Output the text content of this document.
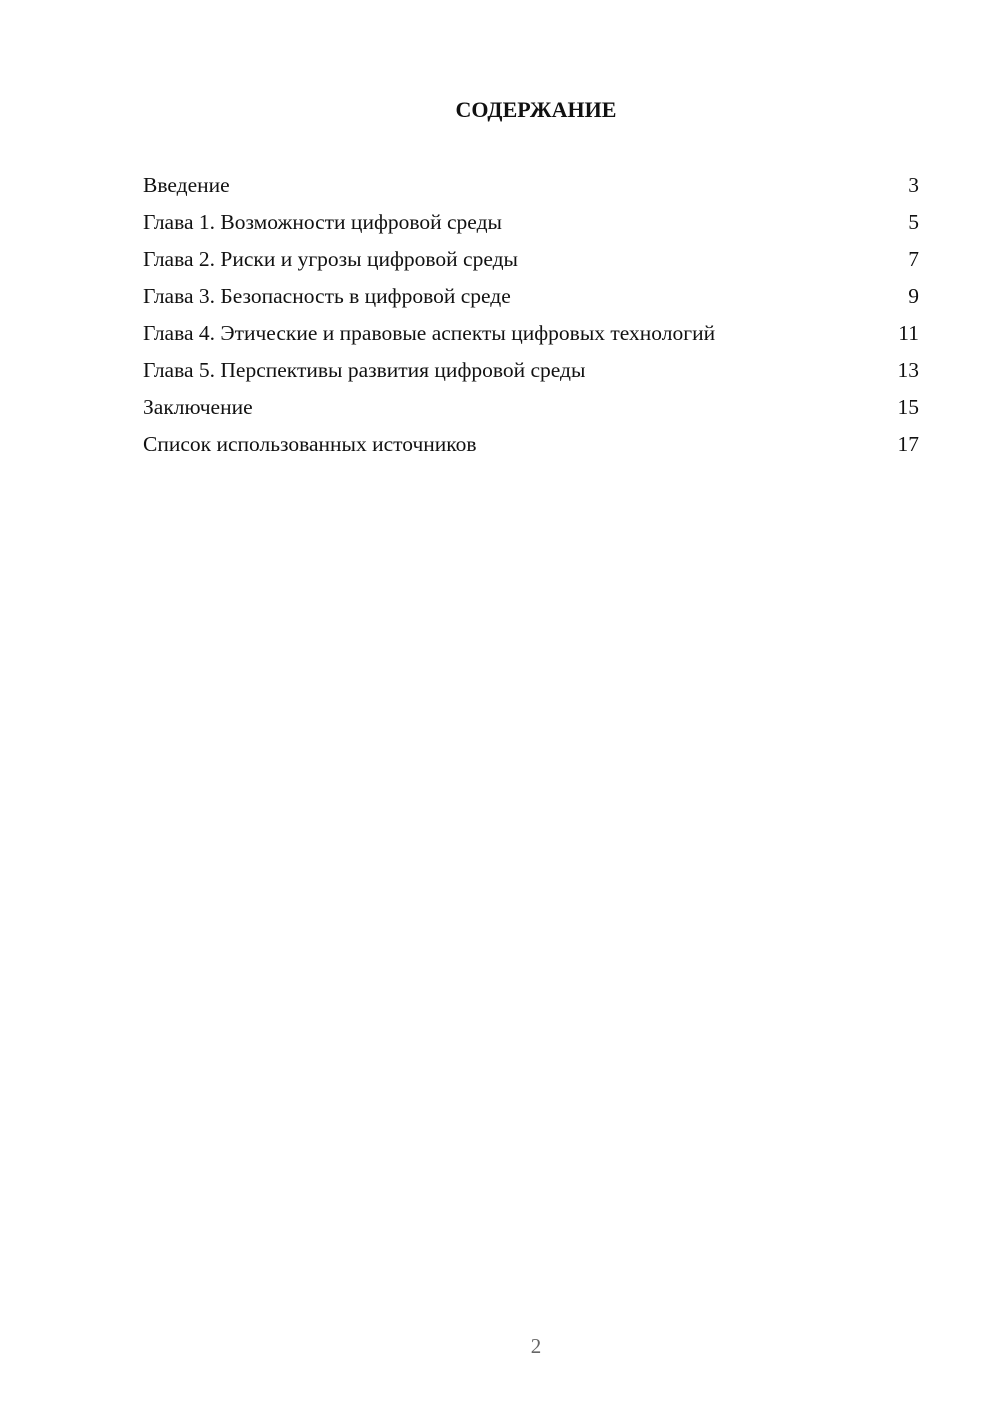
СОДЕРЖАНИЕ
Введение	3
Глава 1. Возможности цифровой среды	5
Глава 2. Риски и угрозы цифровой среды	7
Глава 3. Безопасность в цифровой среде	9
Глава 4. Этические и правовые аспекты цифровых технологий	11
Глава 5. Перспективы развития цифровой среды	13
Заключение	15
Список использованных источников	17
2
